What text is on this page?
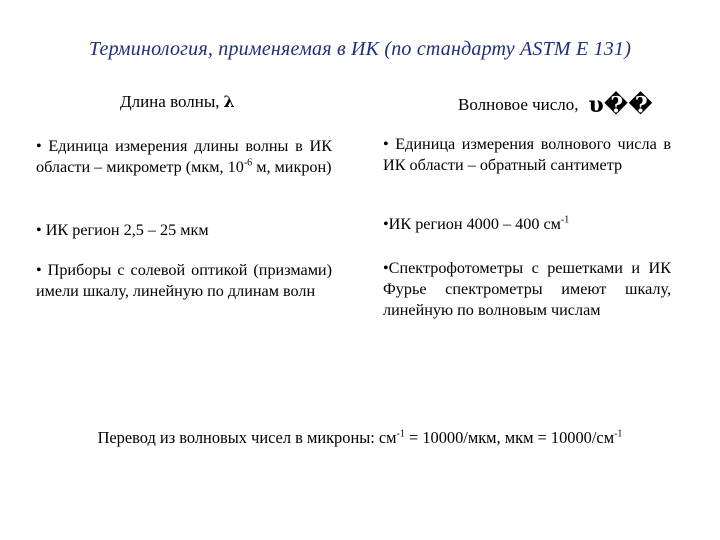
Терминология, применяемая в ИК (по стандарту ASTM E 131)
Длина волны, λ	Волновое число, υ��
• Единица измерения длины волны в ИК области – микрометр (мкм, $10^{-6}$ м, микрон)
• Единица измерения волнового числа в ИК области – обратный сантиметр
• ИК регион 2,5 – 25 мкм	•ИК регион 4000 – 400 $см^{-1}$
• Приборы с солевой оптикой (призмами) имели шкалу, линейную по длинам волн
•Спектрофотометры с решетками и ИК Фурье спектрометры имеют шкалу, линейную по волновым числам
Перевод из волновых чисел в микроны: $см^{-1} = 10000/мкм$, мкм = $10000/см^{-1}$
